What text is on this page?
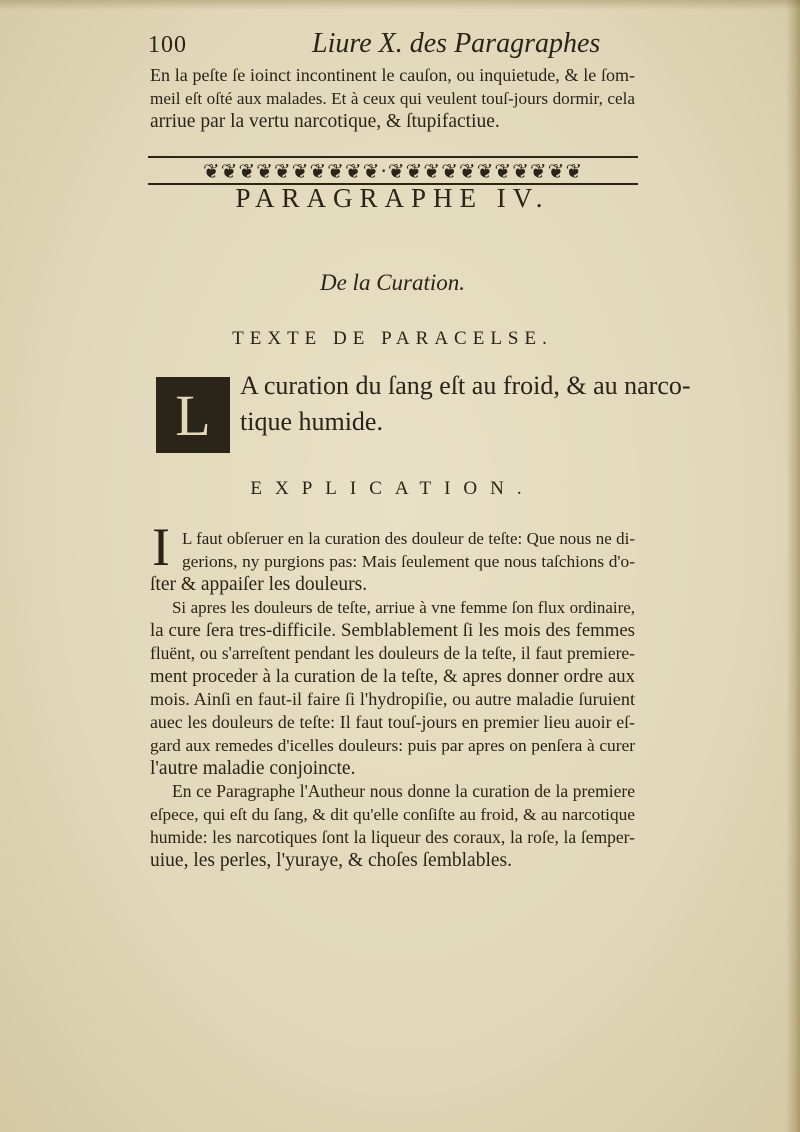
100	Liure X. des Paragraphes
En la peſte ſe ioinct incontinent le cauſon, ou inquietude, & le ſom-
meil eſt oſté aux malades. Et à ceux qui veulent touſ-jours dormir, cela
arriue par la vertu narcotique, & ſtupifactiue.
❦❦❦❦❦❦❦❦❦❦·❦❦❦❦❦❦❦❦❦❦❦
PARAGRAPHE IV.
De la Curation.
TEXTE DE PARACELSE.
L	A curation du ſang eſt au froid, & au narco-
tique humide.
EXPLICATION.
I L faut obſeruer en la curation des douleur de teſte: Que nous ne di-
gerions, ny purgions pas: Mais ſeulement que nous taſchions d'o-
ſter & appaiſer les douleurs.
Si apres les douleurs de teſte, arriue à vne femme ſon flux ordinaire,
la cure ſera tres-difficile. Semblablement ſi les mois des femmes
fluënt, ou s'arreſtent pendant les douleurs de la teſte, il faut premiere-
ment proceder à la curation de la teſte, & apres donner ordre aux
mois. Ainſi en faut-il faire ſi l'hydropiſie, ou autre maladie ſuruient
auec les douleurs de teſte: Il faut touſ-jours en premier lieu auoir eſ-
gard aux remedes d'icelles douleurs: puis par apres on penſera à curer
l'autre maladie conjoincte.
En ce Paragraphe l'Autheur nous donne la curation de la premiere
eſpece, qui eſt du ſang, & dit qu'elle conſiſte au froid, & au narcotique
humide: les narcotiques ſont la liqueur des coraux, la roſe, la ſemper-
uiue, les perles, l'yuraye, & choſes ſemblables.
